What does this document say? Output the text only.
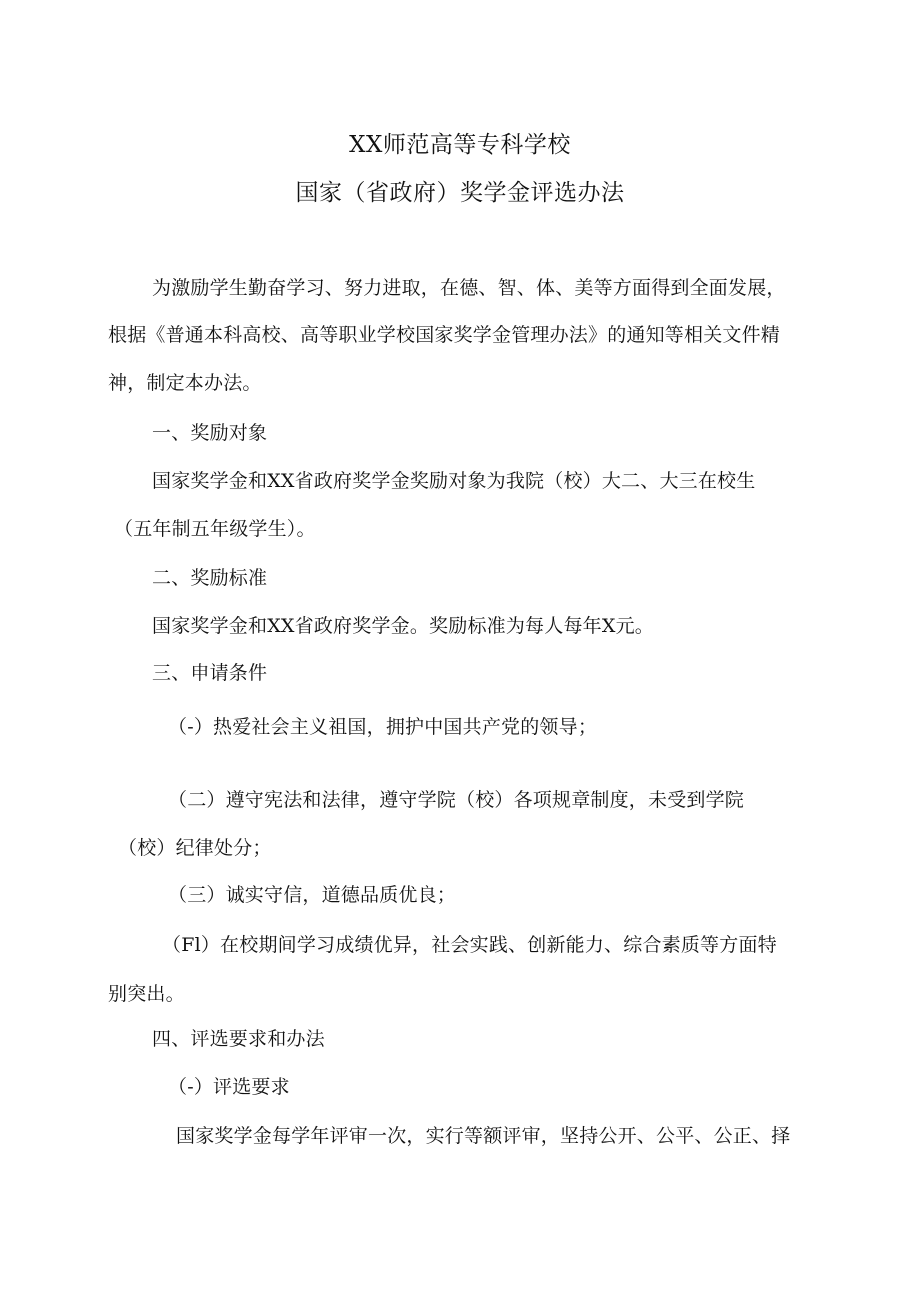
XX师范高等专科学校
国家（省政府）奖学金评选办法
为激励学生勤奋学习、努力进取，在德、智、体、美等方面得到全面发展，
根据《普通本科高校、高等职业学校国家奖学金管理办法》的通知等相关文件精
神，制定本办法。
一、奖励对象
国家奖学金和XX省政府奖学金奖励对象为我院（校）大二、大三在校生
（五年制五年级学生）。
二、奖励标准
国家奖学金和XX省政府奖学金。奖励标准为每人每年X元。
三、申请条件
（-）热爱社会主义祖国，拥护中国共产党的领导；
（二）遵守宪法和法律，遵守学院（校）各项规章制度，未受到学院
（校）纪律处分；
（三）诚实守信，道德品质优良；
（Fl）在校期间学习成绩优异，社会实践、创新能力、综合素质等方面特
别突出。
四、评选要求和办法
（-）评选要求
国家奖学金每学年评审一次，实行等额评审，坚持公开、公平、公正、择
